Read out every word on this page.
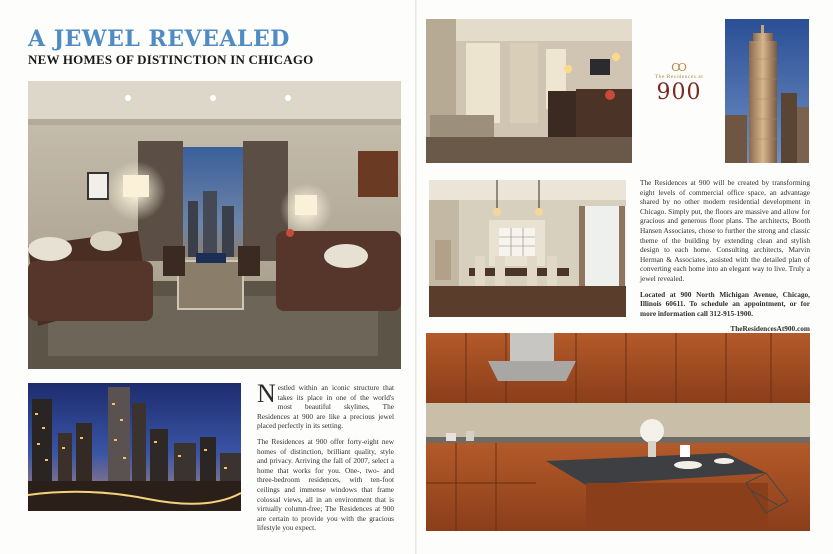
A JEWEL REVEALED
NEW HOMES OF DISTINCTION IN CHICAGO

Nestled within an iconic structure that takes its place in one of the world's most beautiful skylines, The Residences at 900 are like a precious jewel placed perfectly in its setting.

The Residences at 900 offer forty-eight new homes of distinction, brilliant quality, style and privacy. Arriving the fall of 2007, select a home that works for you. One-, two- and three-bedroom residences, with ten-foot ceilings and immense windows that frame colossal views, all in an environment that is virtually column-free; The Residences at 900 are certain to provide you with the gracious lifestyle you expect.

Ꝏ
The Residences at
900

The Residences at 900 will be created by transforming eight levels of commercial office space, an advantage shared by no other modern residential development in Chicago. Simply put, the floors are massive and allow for gracious and generous floor plans. The architects, Booth Hansen Associates, chose to further the strong and classic theme of the building by extending clean and stylish design to each home. Consulting architects, Marvin Herman & Associates, assisted with the detailed plan of converting each home into an elegant way to live. Truly a jewel revealed.

Located at 900 North Michigan Avenue, Chicago, Illinois 60611. To schedule an appointment, or for more information call 312-915-1900.

TheResidencesAt900.com
